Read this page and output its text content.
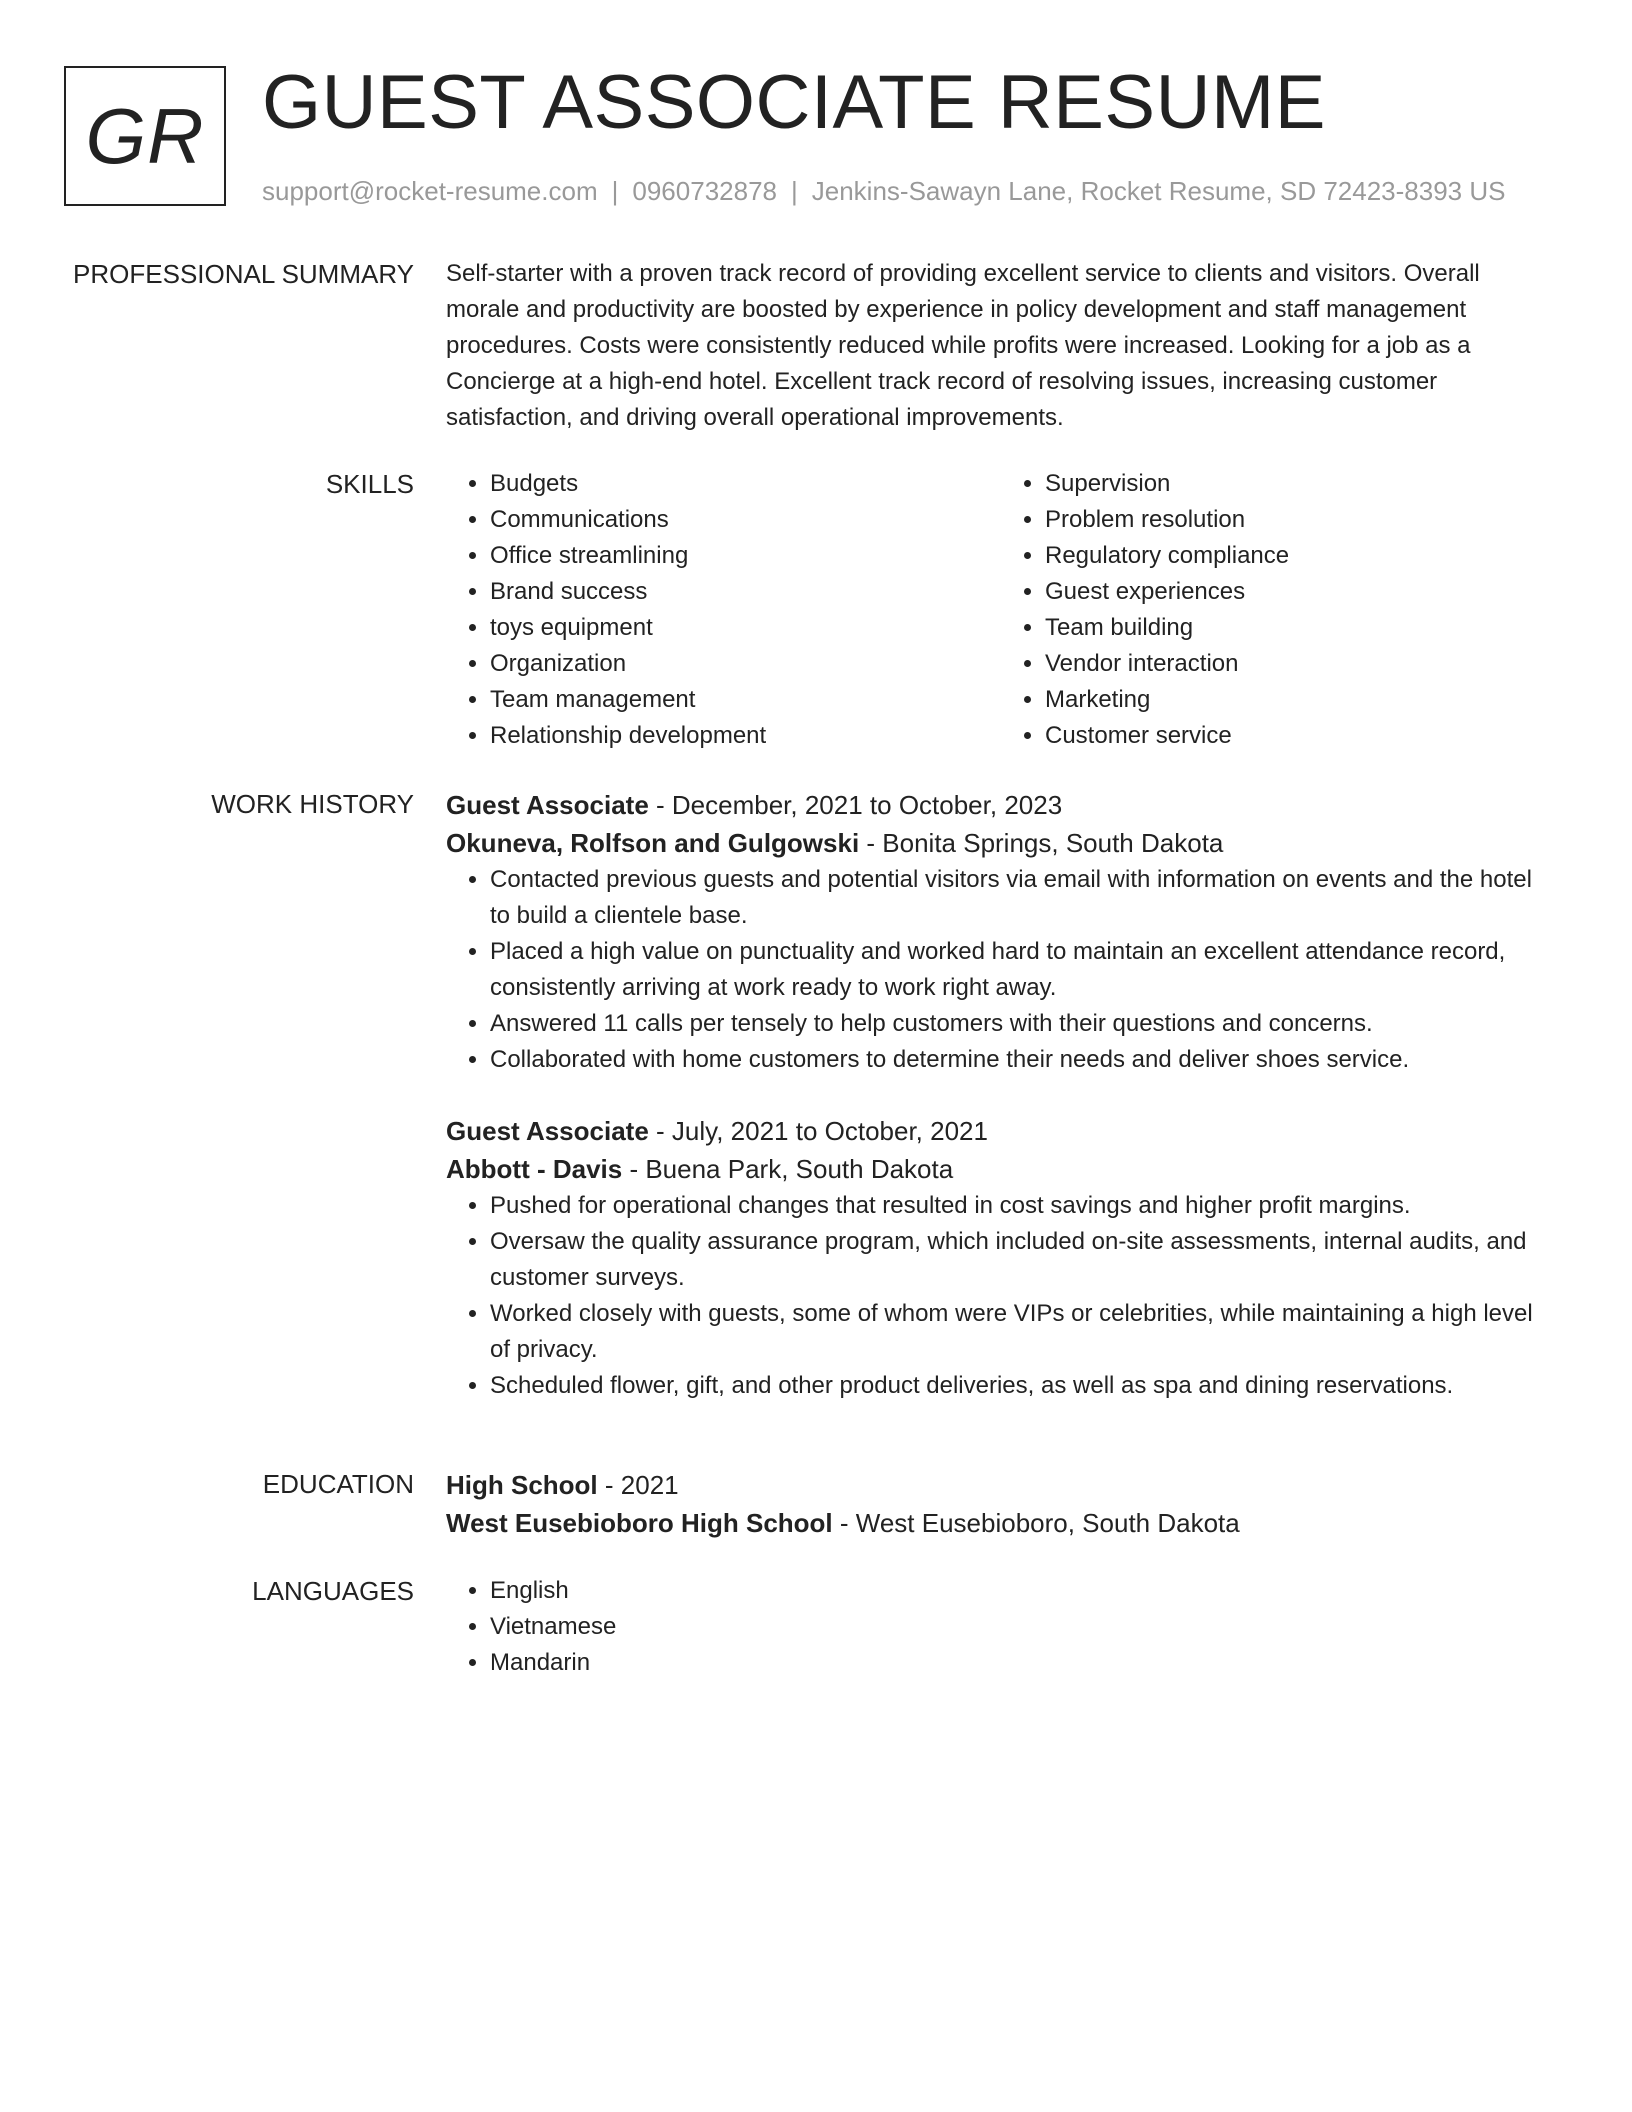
GR GUEST ASSOCIATE RESUME
support@rocket-resume.com | 0960732878 | Jenkins-Sawayn Lane, Rocket Resume, SD 72423-8393 US
PROFESSIONAL SUMMARY Self-starter with a proven track record of providing excellent service to clients and visitors. Overall morale and productivity are boosted by experience in policy development and staff management procedures. Costs were consistently reduced while profits were increased. Looking for a job as a Concierge at a high-end hotel. Excellent track record of resolving issues, increasing customer satisfaction, and driving overall operational improvements.

SKILLS	• Budgets
• Communications
• Office streamlining
• Brand success
• toys equipment
• Organization
• Team management
• Relationship development
• Supervision
• Problem resolution
• Regulatory compliance
• Guest experiences
• Team building
• Vendor interaction
• Marketing
• Customer service
WORK HISTORY Guest Associate - December, 2021 to October, 2023
Okuneva, Rolfson and Gulgowski - Bonita Springs, South Dakota
• Contacted previous guests and potential visitors via email with information on events and the hotel to build a clientele base.
• Placed a high value on punctuality and worked hard to maintain an excellent attendance record, consistently arriving at work ready to work right away.
• Answered 11 calls per tensely to help customers with their questions and concerns.
• Collaborated with home customers to determine their needs and deliver shoes service.
Guest Associate - July, 2021 to October, 2021
Abbott - Davis - Buena Park, South Dakota
• Pushed for operational changes that resulted in cost savings and higher profit margins.
• Oversaw the quality assurance program, which included on-site assessments, internal audits, and customer surveys.
• Worked closely with guests, some of whom were VIPs or celebrities, while maintaining a high level of privacy.
• Scheduled flower, gift, and other product deliveries, as well as spa and dining reservations.
EDUCATION High School - 2021
West Eusebioboro High School - West Eusebioboro, South Dakota
LANGUAGES	• English
• Vietnamese
• Mandarin
